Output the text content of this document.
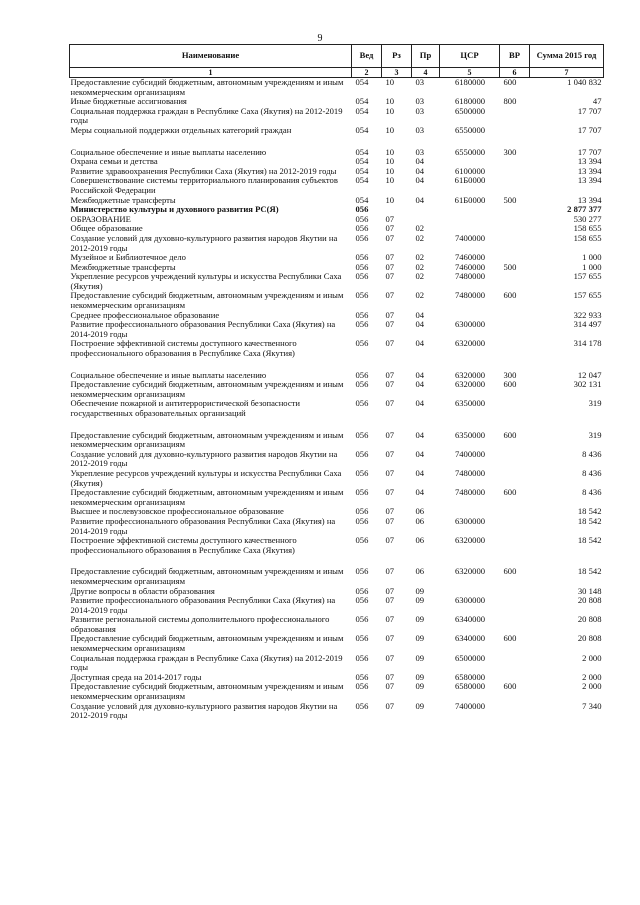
9
Наименование	Вед	Рз	Пр	ЦСР	ВР	Сумма 2015 год
1	2	3	4	5	6	7
Предоставление субсидий бюджетным, автономным учреждениям и иным некоммерческим организациям	054	10	03	6180000	600	1 040 832
Иные бюджетные ассигнования	054	10	03	6180000	800	47
Социальная поддержка граждан в Республике Саха (Якутия) на 2012-2019 годы	054	10	03	6500000		17 707
Меры социальной поддержки отдельных категорий граждан	054	10	03	6550000		17 707
Социальное обеспечение и иные выплаты населению	054	10	03	6550000	300	17 707
Охрана семьи и детства	054	10	04			13 394
Развитие здравоохранения Республики Саха (Якутия) на 2012-2019 годы	054	10	04	6100000		13 394
Совершенствование системы территориального планирования субъектов Российской Федерации	054	10	04	61Б0000		13 394
Межбюджетные трансферты	054	10	04	61Б0000	500	13 394
Министерство культуры и духовного развития РС(Я)	056					2 877 377
ОБРАЗОВАНИЕ	056	07				530 277
Общее образование	056	07	02			158 655
Создание условий для духовно-культурного развития народов Якутии на 2012-2019 годы	056	07	02	7400000		158 655
Музейное и Библиотечное дело	056	07	02	7460000		1 000
Межбюджетные трансферты	056	07	02	7460000	500	1 000
Укрепление ресурсов учреждений культуры и искусства Республики Саха (Якутия)	056	07	02	7480000		157 655
Предоставление субсидий бюджетным, автономным учреждениям и иным некоммерческим организациям	056	07	02	7480000	600	157 655
Среднее профессиональное образование	056	07	04			322 933
Развитие профессионального образования Республики Саха (Якутия) на 2014-2019 годы	056	07	04	6300000		314 497
Построение эффективной системы доступного качественного профессионального образования в Республике Саха (Якутия)	056	07	04	6320000		314 178
Социальное обеспечение и иные выплаты населению	056	07	04	6320000	300	12 047
Предоставление субсидий бюджетным, автономным учреждениям и иным некоммерческим организациям	056	07	04	6320000	600	302 131
Обеспечение пожарной и антитеррористической безопасности государственных образовательных организаций	056	07	04	6350000		319
Предоставление субсидий бюджетным, автономным учреждениям и иным некоммерческим организациям	056	07	04	6350000	600	319
Создание условий для духовно-культурного развития народов Якутии на 2012-2019 годы	056	07	04	7400000		8 436
Укрепление ресурсов учреждений культуры и искусства Республики Саха (Якутия)	056	07	04	7480000		8 436
Предоставление субсидий бюджетным, автономным учреждениям и иным некоммерческим организациям	056	07	04	7480000	600	8 436
Высшее и послевузовское профессиональное образование	056	07	06			18 542
Развитие профессионального образования Республики Саха (Якутия) на 2014-2019 годы	056	07	06	6300000		18 542
Построение эффективной системы доступного качественного профессионального образования в Республике Саха (Якутия)	056	07	06	6320000		18 542
Предоставление субсидий бюджетным, автономным учреждениям и иным некоммерческим организациям	056	07	06	6320000	600	18 542
Другие вопросы в области образования	056	07	09			30 148
Развитие профессионального образования Республики Саха (Якутия) на 2014-2019 годы	056	07	09	6300000		20 808
Развитие региональной системы дополнительного профессионального образования	056	07	09	6340000		20 808
Предоставление субсидий бюджетным, автономным учреждениям и иным некоммерческим организациям	056	07	09	6340000	600	20 808
Социальная поддержка граждан в Республике Саха (Якутия) на 2012-2019 годы	056	07	09	6500000		2 000
Доступная среда на 2014-2017 годы	056	07	09	6580000		2 000
Предоставление субсидий бюджетным, автономным учреждениям и иным некоммерческим организациям	056	07	09	6580000	600	2 000
Создание условий для духовно-культурного развития народов Якутии на 2012-2019 годы	056	07	09	7400000		7 340
